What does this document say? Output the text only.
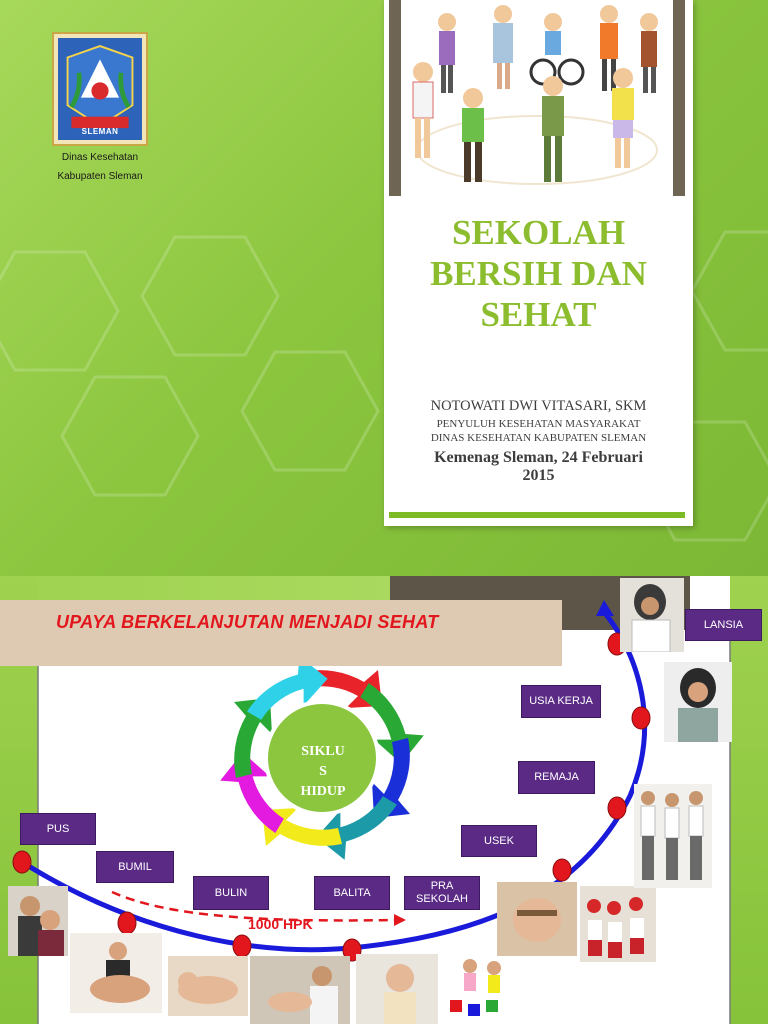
SLEMAN
Dinas Kesehatan
Kabupaten Sleman
SEKOLAH
BERSIH DAN
SEHAT
NOTOWATI DWI VITASARI, SKM
PENYULUH KESEHATAN MASYARAKAT
DINAS KESEHATAN KABUPATEN SLEMAN
Kemenag Sleman, 24 Februari
2015
UPAYA BERKELANJUTAN MENJADI SEHAT
SIKLU
S
HIDUP
1000 HPK
PUS
BUMIL
BULIN	BALITA
PRA
SEKOLAH
USEK
REMAJA
USIA KERJA
LANSIA
